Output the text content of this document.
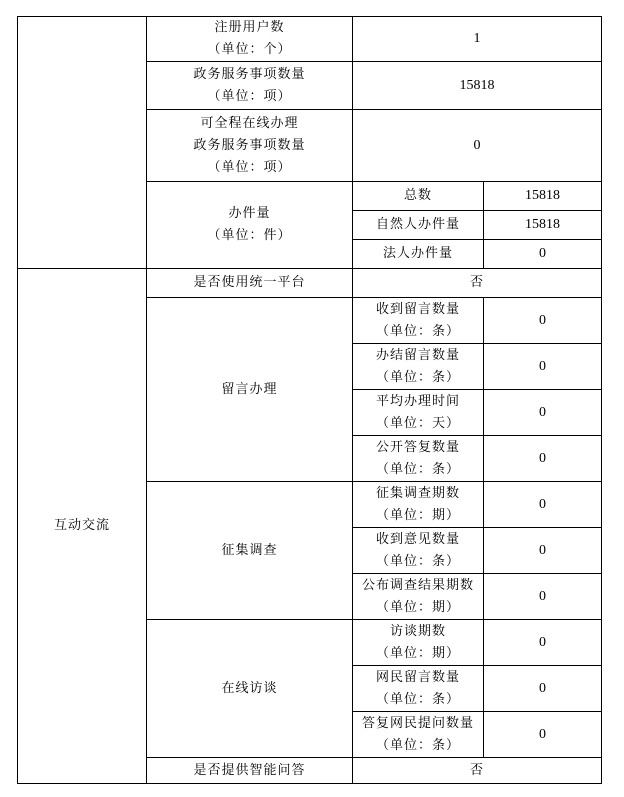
	注册用户数
（单位：个）	1	

	政务服务事项数量
（单位：项）	15818	

	可全程在线办理
政务服务事项数量
（单位：项）	0	

	办件量
（单位：件）	总数	15818
		自然人办件量	15818
		法人办件量	0
互动交流	是否使用统一平台	否	
	留言办理	收到留言数量
（单位：条）	0

		办结留言数量
（单位：条）	0

		平均办理时间
（单位：天）	0

		公开答复数量
（单位：条）	0
	征集调查	征集调查期数
（单位：期）	0

		收到意见数量
（单位：条）	0

		公布调查结果期数
（单位：期）	0
	在线访谈	访谈期数
（单位：期）	0

		网民留言数量
（单位：条）	0

		答复网民提问数量
（单位：条）	0
	是否提供智能问答	否	
